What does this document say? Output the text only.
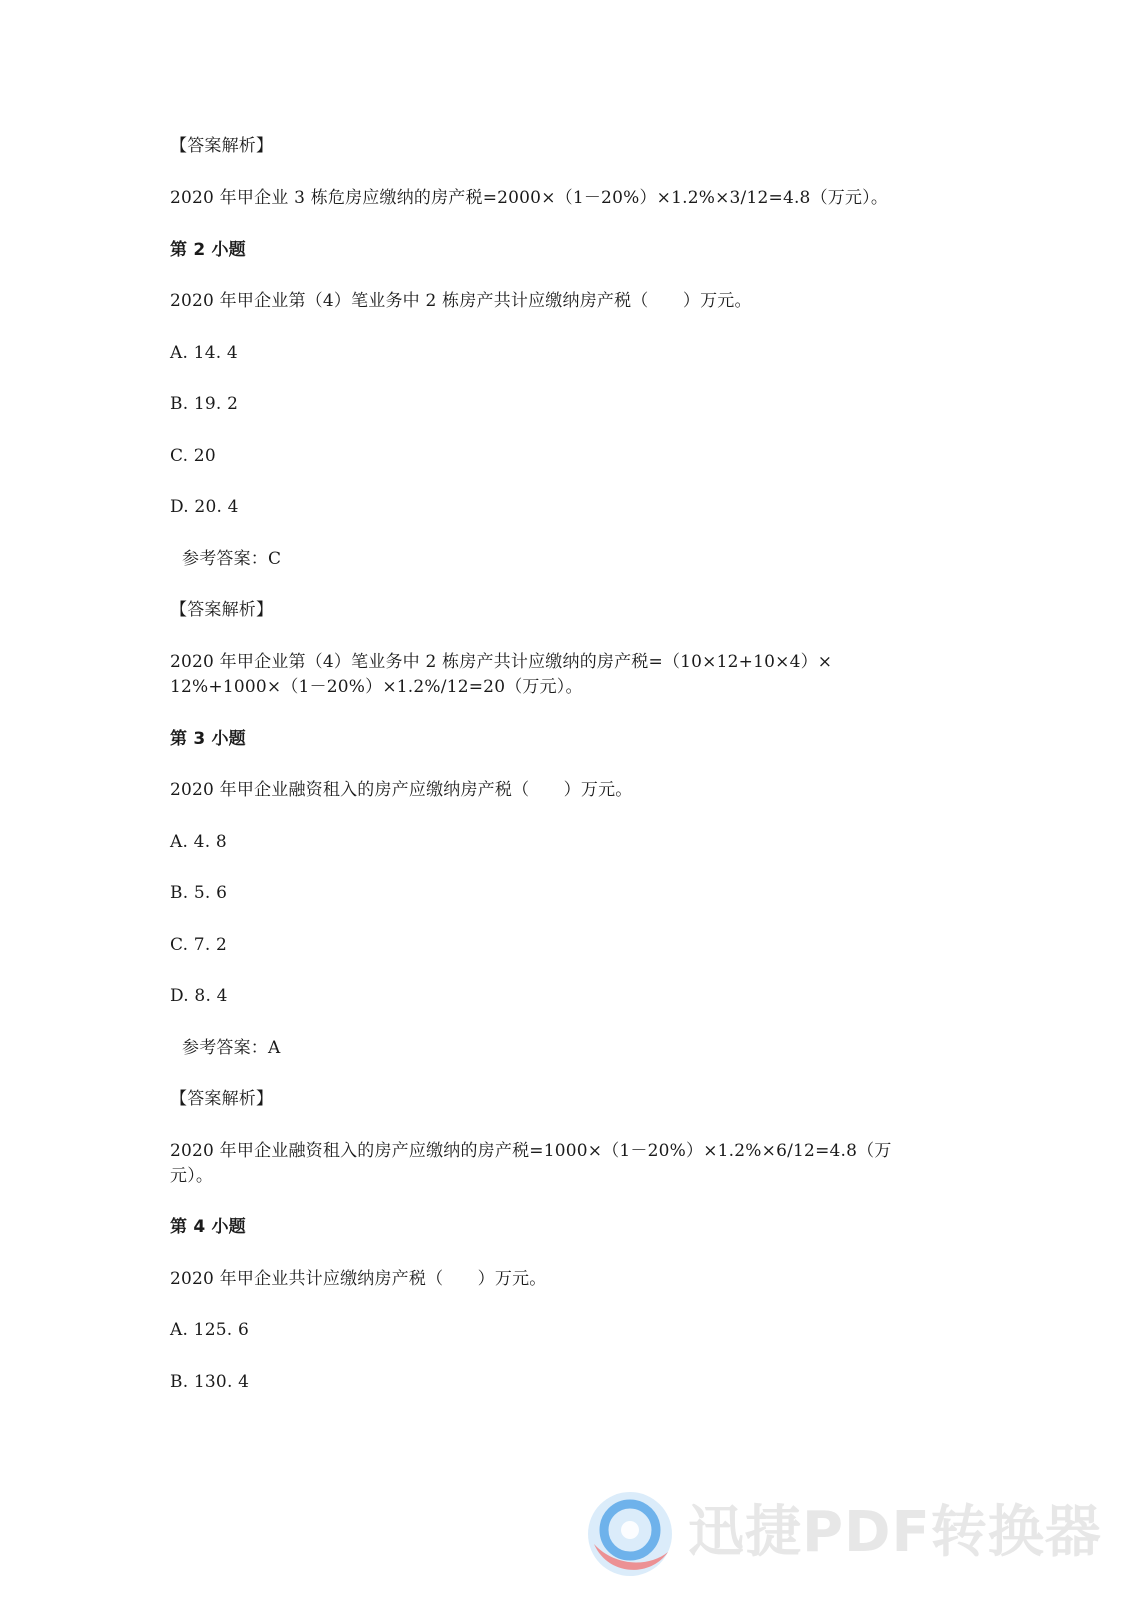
【答案解析】
2020 年甲企业 3 栋危房应缴纳的房产税=2000×（1－20%）×1.2%×3/12=4.8（万元）。
第 2 小题
2020 年甲企业第（4）笔业务中 2 栋房产共计应缴纳房产税（　　）万元。
A. 14. 4
B. 19. 2
C. 20
D. 20. 4
参考答案：C
【答案解析】
2020 年甲企业第（4）笔业务中 2 栋房产共计应缴纳的房产税=（10×12+10×4）×
12%+1000×（1－20%）×1.2%/12=20（万元）。
第 3 小题
2020 年甲企业融资租入的房产应缴纳房产税（　　）万元。
A. 4. 8
B. 5. 6
C. 7. 2
D. 8. 4
参考答案：A
【答案解析】
2020 年甲企业融资租入的房产应缴纳的房产税=1000×（1－20%）×1.2%×6/12=4.8（万
元）。
第 4 小题
2020 年甲企业共计应缴纳房产税（　　）万元。
A. 125. 6
B. 130. 4
迅捷PDF转换器
